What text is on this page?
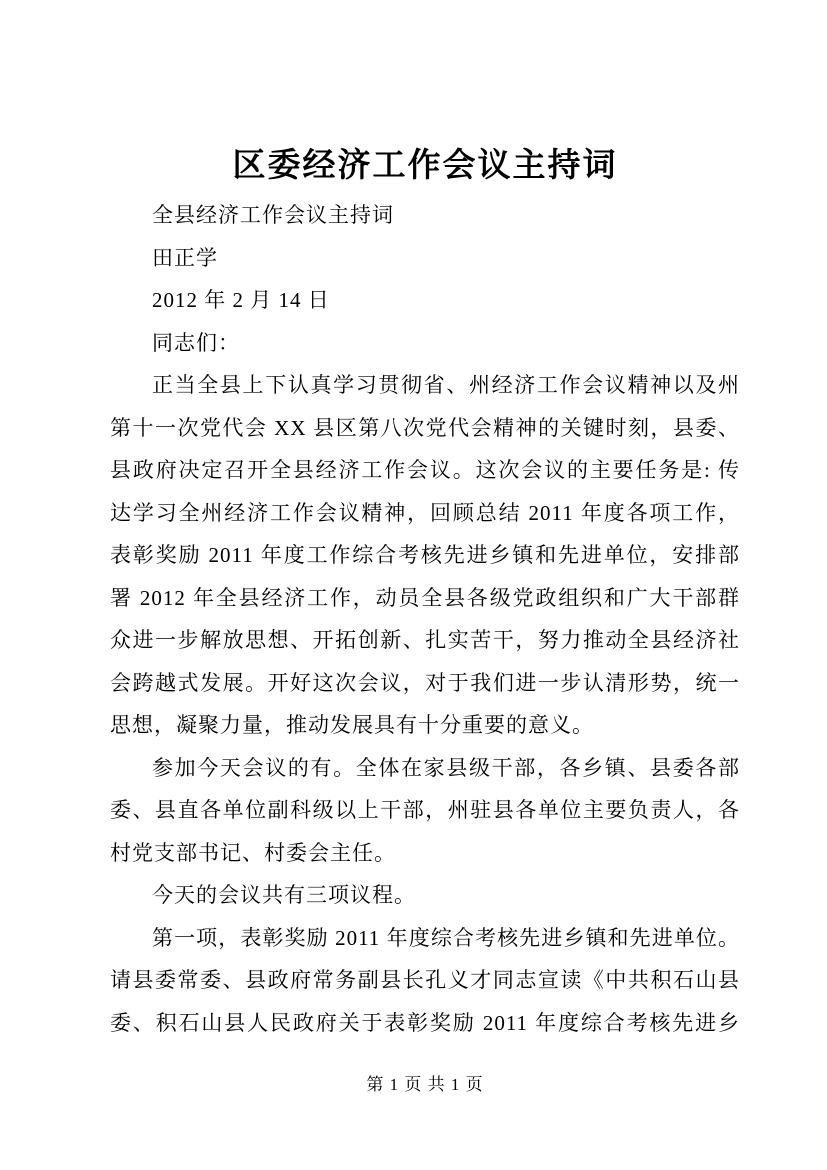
区委经济工作会议主持词
全县经济工作会议主持词
田正学
2012 年 2 月 14 日
同志们：
正当全县上下认真学习贯彻省、州经济工作会议精神以及州
第十一次党代会 XX 县区第八次党代会精神的关键时刻，县委、
县政府决定召开全县经济工作会议。这次会议的主要任务是: 传
达学习全州经济工作会议精神，回顾总结 2011 年度各项工作，
表彰奖励 2011 年度工作综合考核先进乡镇和先进单位，安排部
署 2012 年全县经济工作，动员全县各级党政组织和广大干部群
众进一步解放思想、开拓创新、扎实苦干，努力推动全县经济社
会跨越式发展。开好这次会议，对于我们进一步认清形势，统一
思想，凝聚力量，推动发展具有十分重要的意义。
参加今天会议的有。全体在家县级干部，各乡镇、县委各部
委、县直各单位副科级以上干部，州驻县各单位主要负责人，各
村党支部书记、村委会主任。
今天的会议共有三项议程。
第一项，表彰奖励 2011 年度综合考核先进乡镇和先进单位。
请县委常委、县政府常务副县长孔义才同志宣读《中共积石山县
委、积石山县人民政府关于表彰奖励 2011 年度综合考核先进乡
第 1 页 共 1 页
